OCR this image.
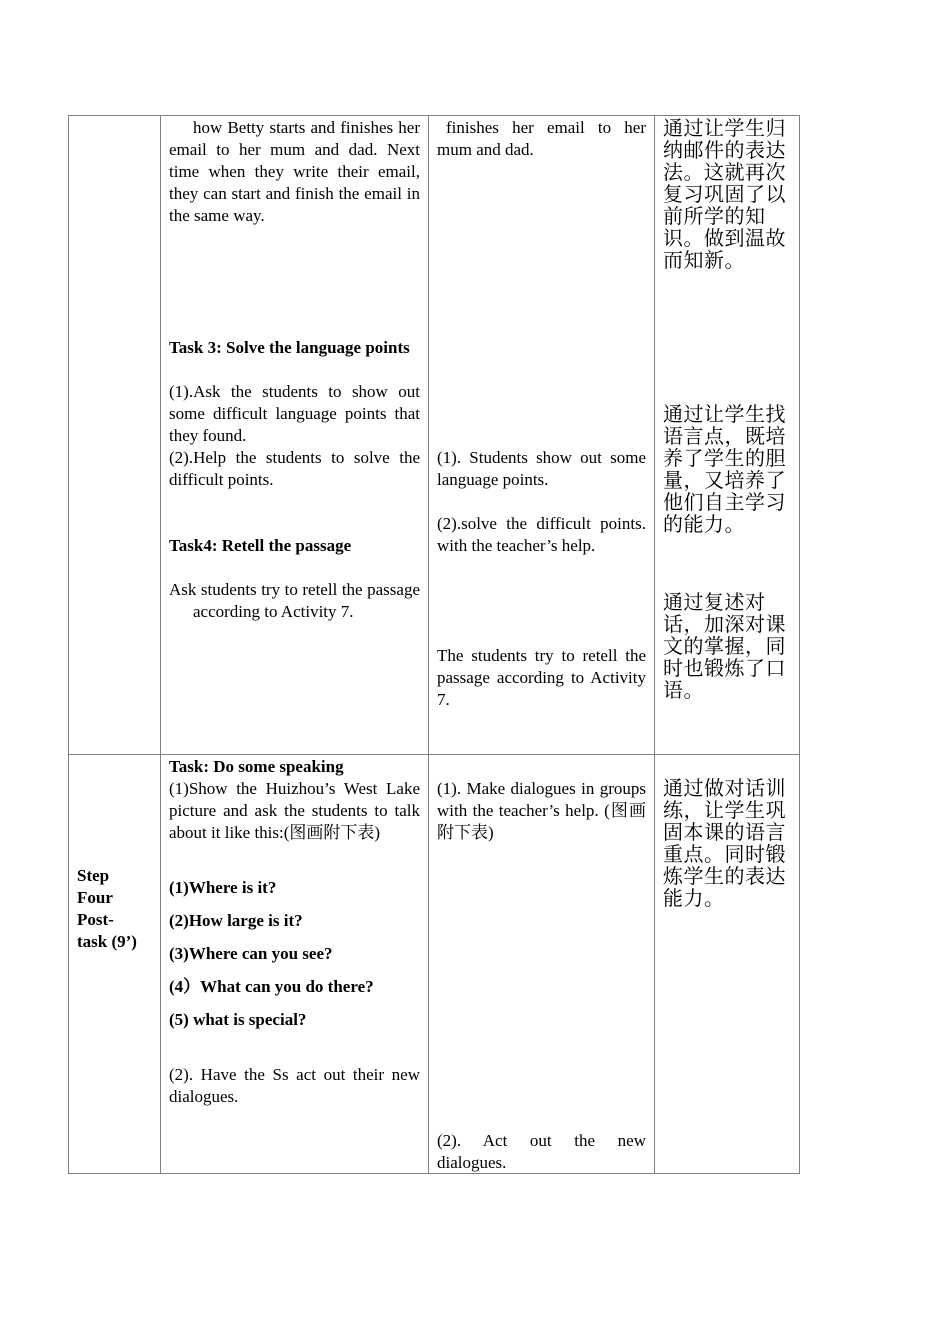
how Betty starts and finishes her email to her mum and dad. Next time when they write their email, they can start and finish the email in the same way.

Task 3: Solve the language points

(1).Ask the students to show out some difficult language points that they found.

(2).Help the students to solve the difficult points.

Task4: Retell the passage

Ask students try to retell the passage according to Activity 7.

finishes her email to her mum and dad.

(1). Students show out some language points.

(2).solve the difficult points. with the teacher’s help.

The students try to retell the passage according to Activity 7.

通过让学生归纳邮件的表达法。这就再次复习巩固了以前所学的知识。做到温故而知新。

通过让学生找语言点，既培养了学生的胆量，又培养了他们自主学习的能力。

通过复述对话，加深对课文的掌握，同时也锻炼了口语。

Step Four Post-task (9’)

Task: Do some speaking

(1)Show the Huizhou’s West Lake picture and ask the students to talk about it like this:(图画附下表)

(1)Where is it?

(2)How large is it?

(3)Where can you see?

(4）What can you do there?

(5) what is special?

(2). Have the Ss act out their new dialogues.

(1). Make dialogues in groups with the teacher’s help. (图画附下表)

(2). Act out the new dialogues.

通过做对话训练，让学生巩固本课的语言重点。同时锻炼学生的表达能力。
